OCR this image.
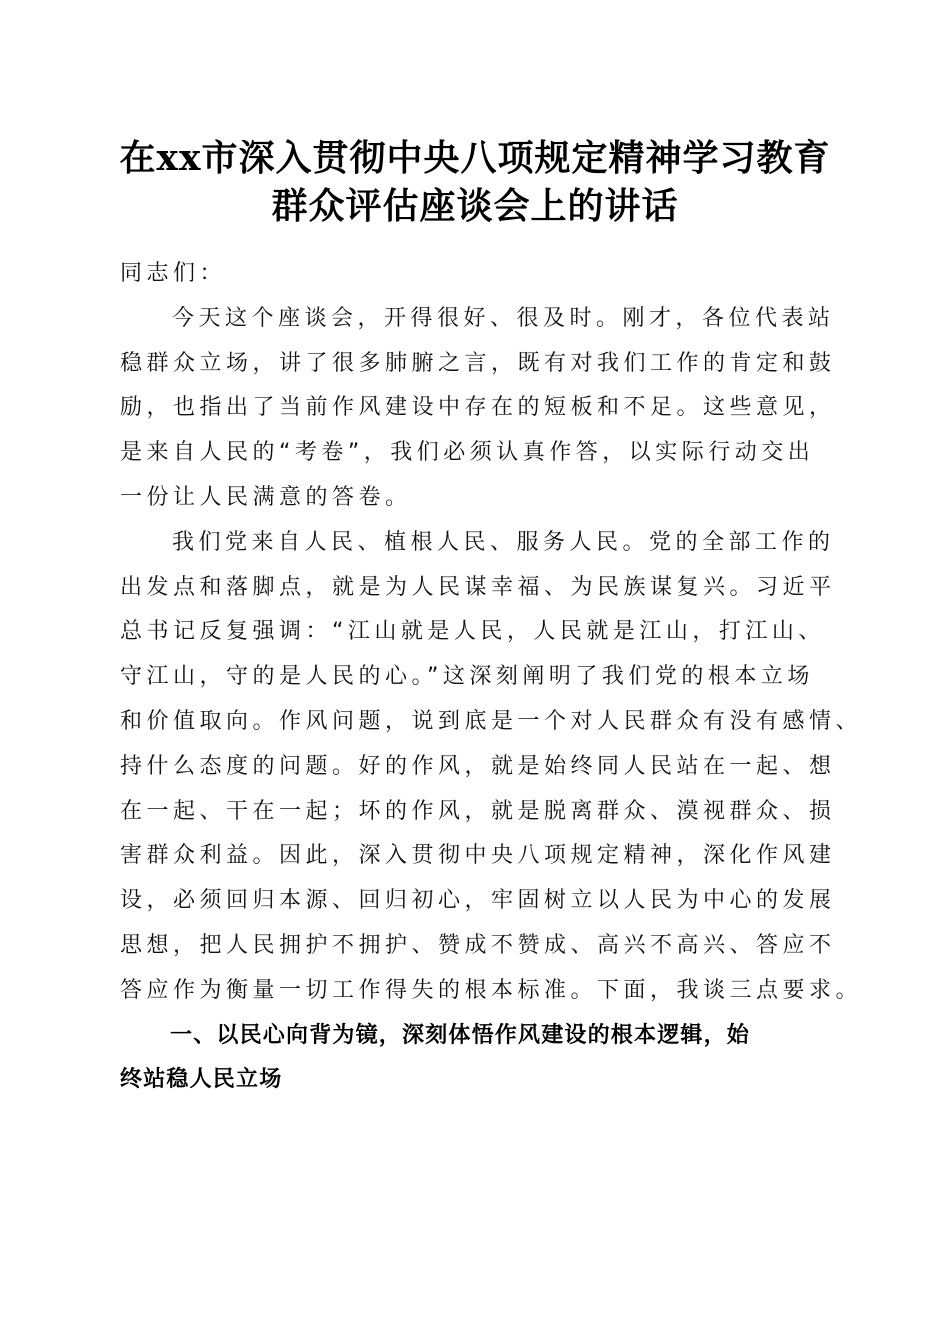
在xx市深入贯彻中央八项规定精神学习教育
群众评估座谈会上的讲话
同志们：
今天这个座谈会，开得很好、很及时。刚才，各位代表站
稳群众立场，讲了很多肺腑之言，既有对我们工作的肯定和鼓
励，也指出了当前作风建设中存在的短板和不足。这些意见，
是来自人民的“考卷”，我们必须认真作答，以实际行动交出
一份让人民满意的答卷。
我们党来自人民、植根人民、服务人民。党的全部工作的
出发点和落脚点，就是为人民谋幸福、为民族谋复兴。习近平
总书记反复强调：“江山就是人民，人民就是江山，打江山、
守江山，守的是人民的心。”这深刻阐明了我们党的根本立场
和价值取向。作风问题，说到底是一个对人民群众有没有感情、
持什么态度的问题。好的作风，就是始终同人民站在一起、想
在一起、干在一起；坏的作风，就是脱离群众、漠视群众、损
害群众利益。因此，深入贯彻中央八项规定精神，深化作风建
设，必须回归本源、回归初心，牢固树立以人民为中心的发展
思想，把人民拥护不拥护、赞成不赞成、高兴不高兴、答应不
答应作为衡量一切工作得失的根本标准。下面，我谈三点要求。
一、以民心向背为镜，深刻体悟作风建设的根本逻辑，始
终站稳人民立场
